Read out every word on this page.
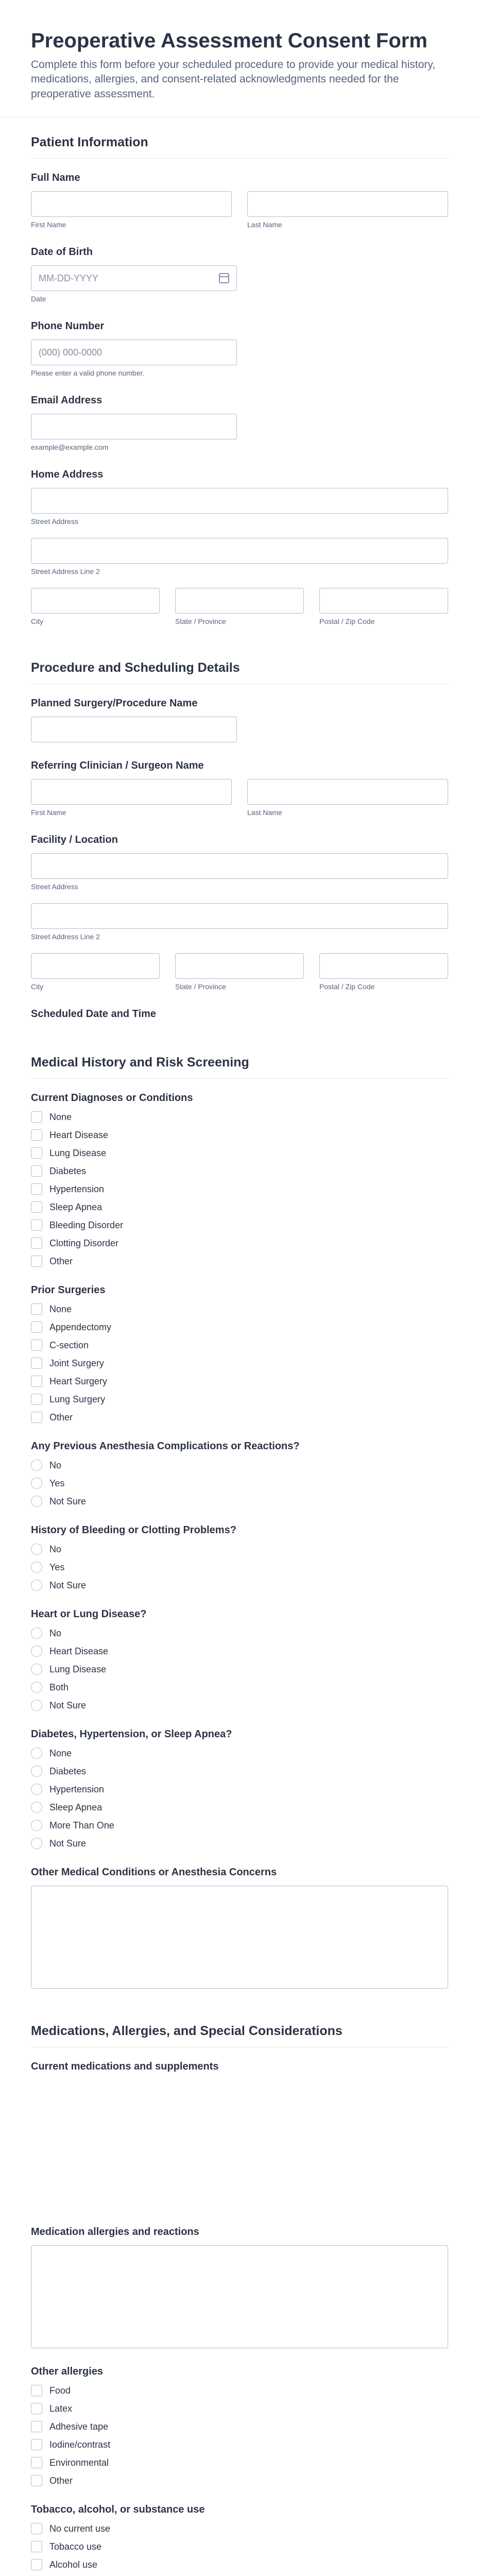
Preoperative Assessment Consent Form

Complete this form before your scheduled procedure to provide your medical history, medications, allergies, and consent-related acknowledgments needed for the preoperative assessment.

Patient Information
Full Name
First Name	Last Name
Date of Birth
MM-DD-YYYY
Date
Phone Number
(000) 000-0000
Please enter a valid phone number.
Email Address
example@example.com
Home Address
Street Address
Street Address Line 2
City	State / Province	Postal / Zip Code
Procedure and Scheduling Details
Planned Surgery/Procedure Name
Referring Clinician / Surgeon Name
First Name	Last Name
Facility / Location
Street Address
Street Address Line 2
City	State / Province	Postal / Zip Code
Scheduled Date and Time
Medical History and Risk Screening
Current Diagnoses or Conditions
None
Heart Disease
Lung Disease
Diabetes
Hypertension
Sleep Apnea
Bleeding Disorder
Clotting Disorder
Other
Prior Surgeries
None
Appendectomy
C-section
Joint Surgery
Heart Surgery
Lung Surgery
Other
Any Previous Anesthesia Complications or Reactions?
No
Yes
Not Sure
History of Bleeding or Clotting Problems?
No
Yes
Not Sure
Heart or Lung Disease?
No
Heart Disease
Lung Disease
Both
Not Sure
Diabetes, Hypertension, or Sleep Apnea?
None
Diabetes
Hypertension
Sleep Apnea
More Than One
Not Sure
Other Medical Conditions or Anesthesia Concerns
Medications, Allergies, and Special Considerations
Current medications and supplements
Medication allergies and reactions
Other allergies
Food
Latex
Adhesive tape
Iodine/contrast
Environmental
Other
Tobacco, alcohol, or substance use
No current use
Tobacco use
Alcohol use
